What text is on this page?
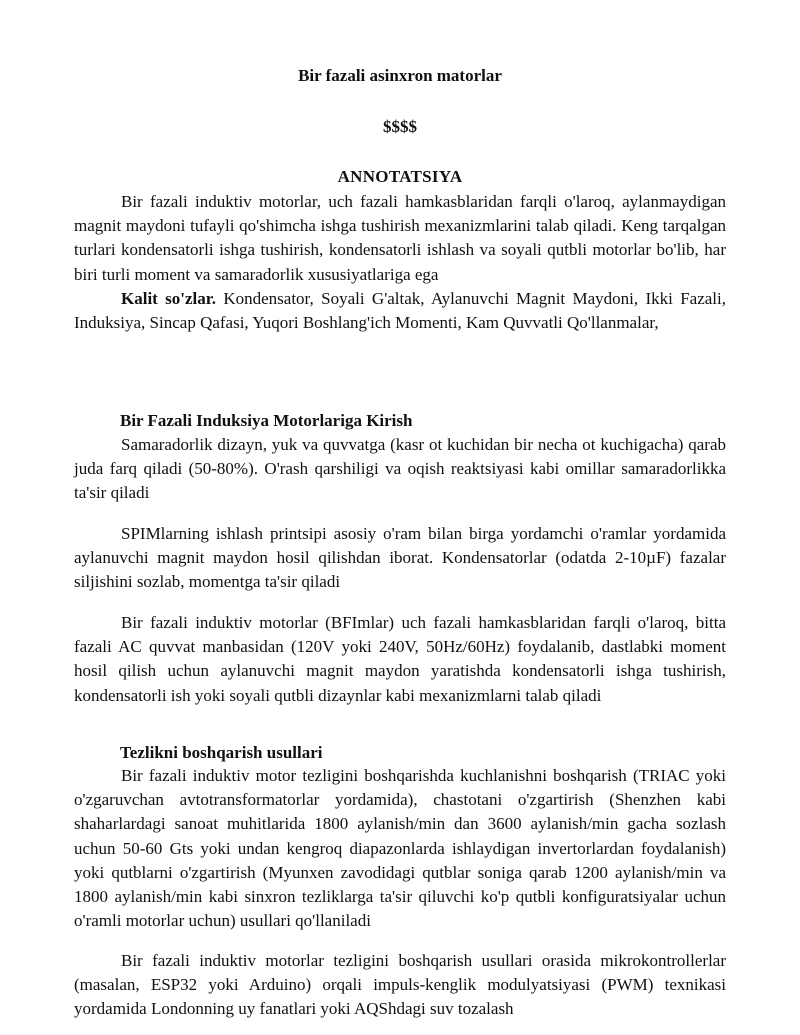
Bir fazali asinxron matorlar
$$$$
ANNOTATSIYA

Bir fazali induktiv motorlar, uch fazali hamkasblaridan farqli o'laroq, aylanmaydigan magnit maydoni tufayli qo'shimcha ishga tushirish mexanizmlarini talab qiladi. Keng tarqalgan turlari kondensatorli ishga tushirish, kondensatorli ishlash va soyali qutbli motorlar bo'lib, har biri turli moment va samaradorlik xususiyatlariga ega

Kalit so'zlar. Kondensator, Soyali G'altak, Aylanuvchi Magnit Maydoni, Ikki Fazali, Induksiya, Sincap Qafasi, Yuqori Boshlang'ich Momenti, Kam Quvvatli Qo'llanmalar,

Bir Fazali Induksiya Motorlariga Kirish

Samaradorlik dizayn, yuk va quvvatga (kasr ot kuchidan bir necha ot kuchigacha) qarab juda farq qiladi (50-80%). O'rash qarshiligi va oqish reaktsiyasi kabi omillar samaradorlikka ta'sir qiladi

SPIMlarning ishlash printsipi asosiy o'ram bilan birga yordamchi o'ramlar yordamida aylanuvchi magnit maydon hosil qilishdan iborat. Kondensatorlar (odatda 2-10µF) fazalar siljishini sozlab, momentga ta'sir qiladi

Bir fazali induktiv motorlar (BFImlar) uch fazali hamkasblaridan farqli o'laroq, bitta fazali AC quvvat manbasidan (120V yoki 240V, 50Hz/60Hz) foydalanib, dastlabki moment hosil qilish uchun aylanuvchi magnit maydon yaratishda kondensatorli ishga tushirish, kondensatorli ish yoki soyali qutbli dizaynlar kabi mexanizmlarni talab qiladi

Tezlikni boshqarish usullari

Bir fazali induktiv motor tezligini boshqarishda kuchlanishni boshqarish (TRIAC yoki o'zgaruvchan avtotransformatorlar yordamida), chastotani o'zgartirish (Shenzhen kabi shaharlardagi sanoat muhitlarida 1800 aylanish/min dan 3600 aylanish/min gacha sozlash uchun 50-60 Gts yoki undan kengroq diapazonlarda ishlaydigan invertorlardan foydalanish) yoki qutblarni o'zgartirish (Myunxen zavodidagi qutblar soniga qarab 1200 aylanish/min va 1800 aylanish/min kabi sinxron tezliklarga ta'sir qiluvchi ko'p qutbli konfiguratsiyalar uchun o'ramli motorlar uchun) usullari qo'llaniladi

Bir fazali induktiv motorlar tezligini boshqarish usullari orasida mikrokontrollerlar (masalan, ESP32 yoki Arduino) orqali impuls-kenglik modulyatsiyasi (PWM) texnikasi yordamida Londonning uy fanatlari yoki AQShdagi suv tozalash
